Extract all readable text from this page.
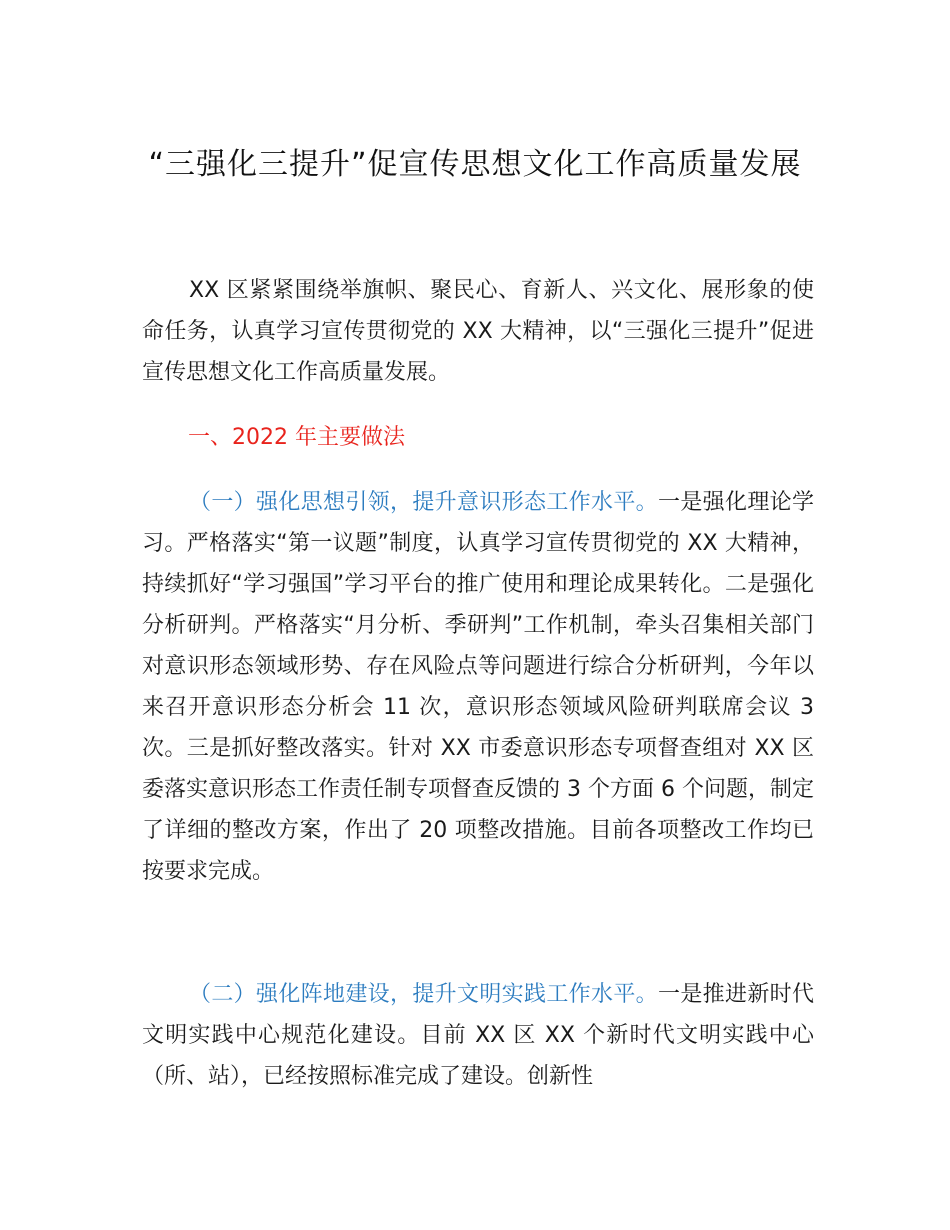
“三强化三提升”促宣传思想文化工作高质量发展

XX 区紧紧围绕举旗帜、聚民心、育新人、兴文化、展形象的使命任务，认真学习宣传贯彻党的 XX 大精神，以“三强化三提升”促进宣传思想文化工作高质量发展。

一、2022 年主要做法

（一）强化思想引领，提升意识形态工作水平。一是强化理论学习。严格落实“第一议题”制度，认真学习宣传贯彻党的 XX 大精神，持续抓好“学习强国”学习平台的推广使用和理论成果转化。二是强化分析研判。严格落实“月分析、季研判”工作机制，牵头召集相关部门对意识形态领域形势、存在风险点等问题进行综合分析研判，今年以来召开意识形态分析会 11 次，意识形态领域风险研判联席会议 3 次。三是抓好整改落实。针对 XX 市委意识形态专项督查组对 XX 区委落实意识形态工作责任制专项督查反馈的 3 个方面 6 个问题，制定了详细的整改方案，作出了 20 项整改措施。目前各项整改工作均已按要求完成。

（二）强化阵地建设，提升文明实践工作水平。一是推进新时代文明实践中心规范化建设。目前 XX 区 XX 个新时代文明实践中心（所、站），已经按照标准完成了建设。创新性
